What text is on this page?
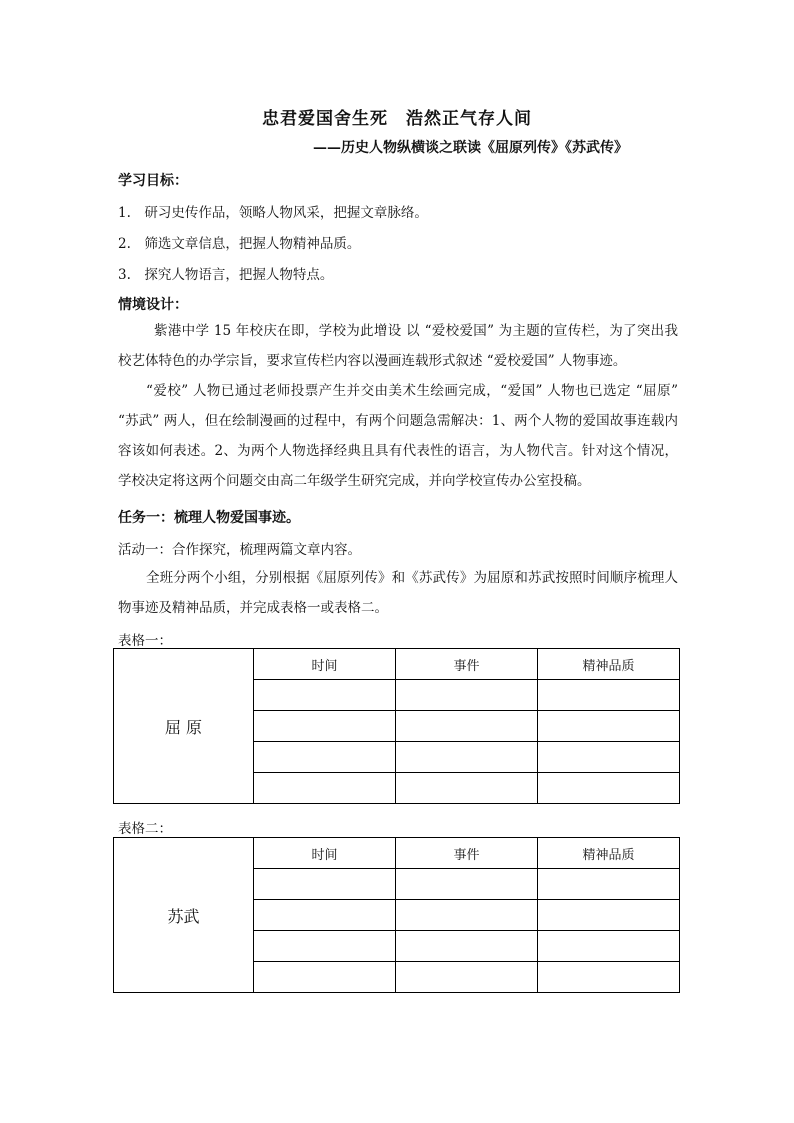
忠君爱国舍生死　浩然正气存人间
——历史人物纵横谈之联读《屈原列传》《苏武传》
学习目标：
1.　研习史传作品，领略人物风采，把握文章脉络。
2.　筛选文章信息，把握人物精神品质。
3.　探究人物语言，把握人物特点。
情境设计：
紫港中学 15 年校庆在即，学校为此增设 以 “爱校爱国” 为主题的宣传栏，为了突出我校艺体特色的办学宗旨，要求宣传栏内容以漫画连载形式叙述 “爱校爱国” 人物事迹。
“爱校” 人物已通过老师投票产生并交由美术生绘画完成，“爱国” 人物也已选定 “屈原” “苏武” 两人，但在绘制漫画的过程中，有两个问题急需解决：1、两个人物的爱国故事连载内容该如何表述。2、为两个人物选择经典且具有代表性的语言，为人物代言。针对这个情况，学校决定将这两个问题交由高二年级学生研究完成，并向学校宣传办公室投稿。
任务一：梳理人物爱国事迹。
活动一：合作探究，梳理两篇文章内容。
全班分两个小组，分别根据《屈原列传》和《苏武传》为屈原和苏武按照时间顺序梳理人物事迹及精神品质，并完成表格一或表格二。
表格一：
屈 原	时间	事件	精神品质

表格二：
苏武	时间	事件	精神品质
